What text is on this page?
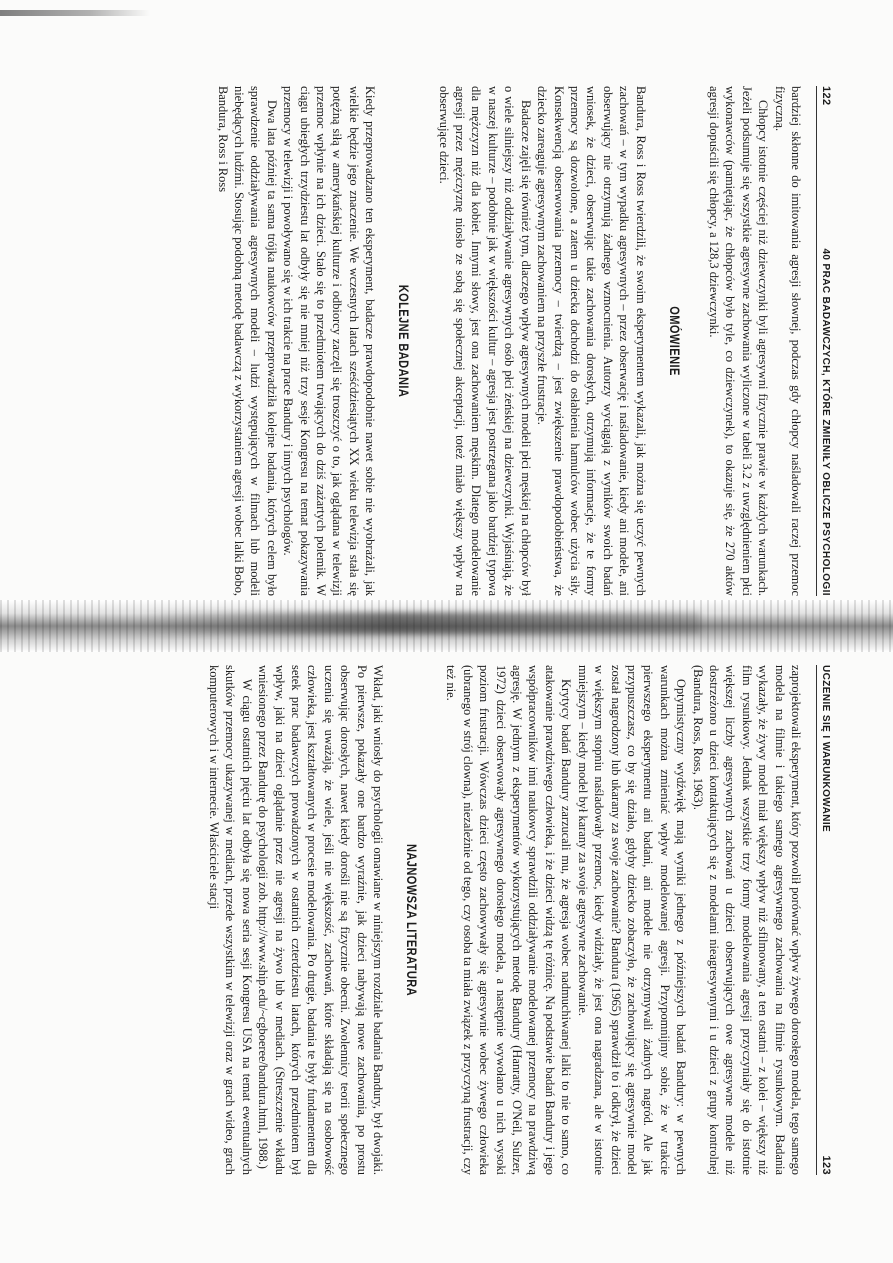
122
40 PRAC BADAWCZYCH, KTÓRE ZMIENIŁY OBLICZE PSYCHOLOGII

bardziej skłonne do imitowania agresji słownej, podczas gdy chłopcy naśladowali raczej przemoc fizyczną.

Chłopcy istotnie częściej niż dziewczynki byli agresywni fizycznie prawie w każdych warunkach. Jeżeli podsumuje się wszystkie agresywne zachowania wyliczone w tabeli 3.2 z uwzględnieniem płci wykonawców (pamiętając, że chłopców było tyle, co dziewczynek), to okazuje się, że 270 aktów agresji dopuścili się chłopcy, a 128,3 dziewczynki.

OMÓWIENIE

Bandura, Ross i Ross twierdzili, że swoim eksperymentem wykazali, jak można się uczyć pewnych zachowań – w tym wypadku agresywnych – przez obserwację i naśladowanie, kiedy ani modele, ani obserwujący nie otrzymują żadnego wzmocnienia. Autorzy wyciągają z wyników swoich badań wniosek, że dzieci, obserwując takie zachowania dorosłych, otrzymują informacje, że te formy przemocy są dozwolone, a zatem u dziecka dochodzi do osłabienia hamulców wobec użycia siły. Konsekwencją obserwowania przemocy – twierdzą – jest zwiększenie prawdopodobieństwa, że dziecko zareaguje agresywnym zachowaniem na przyszłe frustracje.

Badacze zajęli się również tym, dlaczego wpływ agresywnych modeli płci męskiej na chłopców był o wiele silniejszy niż oddziaływanie agresywnych osób płci żeńskiej na dziewczynki. Wyjaśniają, że w naszej kulturze – podobnie jak w większości kultur – agresja jest postrzegana jako bardziej typowa dla mężczyzn niż dla kobiet. Innymi słowy, jest ona zachowaniem męskim. Dlatego modelowanie agresji przez mężczyznę niosło ze sobą się społecznej akceptacji, toteż miało większy wpływ na obserwujące dzieci.

KOLEJNE BADANIA

Kiedy przeprowadzano ten eksperyment, badacze prawdopodobnie nawet sobie nie wyobrażali, jak wielkie będzie jego znaczenie. We wczesnych latach sześćdziesiątych XX wieku telewizja stała się potężną siłą w amerykańskiej kulturze i odbiorcy zaczęli się troszczyć o to, jak oglądana w telewizji przemoc wpłynie na ich dzieci. Stało się to przedmiotem trwających do dziś zażartych polemik. W ciągu ubiegłych trzydziestu lat odbyły się nie mniej niż trzy sesje Kongresu na temat pokazywania przemocy w telewizji i powoływano się w ich trakcie na prace Bandury i innych psychologów.

Dwa lata później ta sama trójka naukowców przeprowadziła kolejne badania, których celem było sprawdzenie oddziaływania agresywnych modeli – ludzi występujących w filmach lub modeli niebędących ludźmi. Stosując podobną metodę badawczą z wykorzystaniem agresji wobec lalki Bobo, Bandura, Ross i Ross

UCZENIE SIĘ I WARUNKOWANIE
123

zaprojektowali eksperyment, który pozwolił porównać wpływ żywego dorosłego modela, tego samego modela na filmie i takiego samego agresywnego zachowania na filmie rysunkowym. Badania wykazały, że żywy model miał większy wpływ niż sfilmowany, a ten ostatni – z kolei – większy niż film rysunkowy. Jednak wszystkie trzy formy modelowania agresji przyczyniały się do istotnie większej liczby agresywnych zachowań u dzieci obserwujących owe agresywne modele niż dostrzeżono u dzieci kontaktujących się z modelami nieagresywnymi i u dzieci z grupy kontrolnej (Bandura, Ross, Ross, 1963).

Optymistyczny wydźwięk mają wyniki jednego z późniejszych badań Bandury: w pewnych warunkach można zmieniać wpływ modelowanej agresji. Przypomnijmy sobie, że w trakcie pierwszego eksperymentu ani badani, ani modele nie otrzymywali żadnych nagród. Ale jak przypuszczasz, co by się działo, gdyby dziecko zobaczyło, że zachowujący się agresywnie model został nagrodzony lub ukarany za swoje zachowanie? Bandura (1965) sprawdził to i odkrył, że dzieci w większym stopniu naśladowały przemoc, kiedy widziały, że jest ona nagradzana, ale w istotnie mniejszym – kiedy model był karany za swoje agresywne zachowanie.

Krytycy badań Bandury zarzucali mu, że agresja wobec nadmuchiwanej lalki to nie to samo, co atakowanie prawdziwego człowieka, i że dzieci widzą tę różnicę. Na podstawie badań Bandury i jego współpracowników inni naukowcy sprawdzili oddziaływanie modelowanej przemocy na prawdziwą agresję. W jednym z eksperymentów wykorzystujących metodę Bandury (Hanratty, O'Neil, Sulzer, 1972) dzieci obserwowały agresywnego dorosłego modela, a następnie wywołano u nich wysoki poziom frustracji. Wówczas dzieci często zachowywały się agresywnie wobec żywego człowieka (ubranego w strój clowna), niezależnie od tego, czy osoba ta miała związek z przyczyną frustracji, czy też nie.

NAJNOWSZA LITERATURA

Wkład, jaki wniosły do psychologii omawiane w niniejszym rozdziale badania Bandury, był dwojaki. Po pierwsze, pokazały one bardzo wyraźnie, jak dzieci nabywają nowe zachowania, po prostu obserwując dorosłych, nawet kiedy dorośli nie są fizycznie obecni. Zwolennicy teorii społecznego uczenia się uważają, że wiele, jeśli nie większość, zachowań, które składają się na osobowość człowieka, jest kształtowanych w procesie modelowania. Po drugie, badania te były fundamentem dla setek prac badawczych prowadzonych w ostatnich czterdziestu latach, których przedmiotem był wpływ, jaki na dzieci oglądanie przez nie agresji na żywo lub w mediach. (Streszczenie wkładu wniesionego przez Bandurę do psychologii zob. http://www.ship.edu/~cgboeree/bandura.html, 1988.)

W ciągu ostatnich pięciu lat odbyła się nowa seria sesji Kongresu USA na temat ewentualnych skutków przemocy ukazywanej w mediach, przede wszystkim w telewizji oraz w grach wideo, grach komputerowych i w internecie. Właściciele stacji
